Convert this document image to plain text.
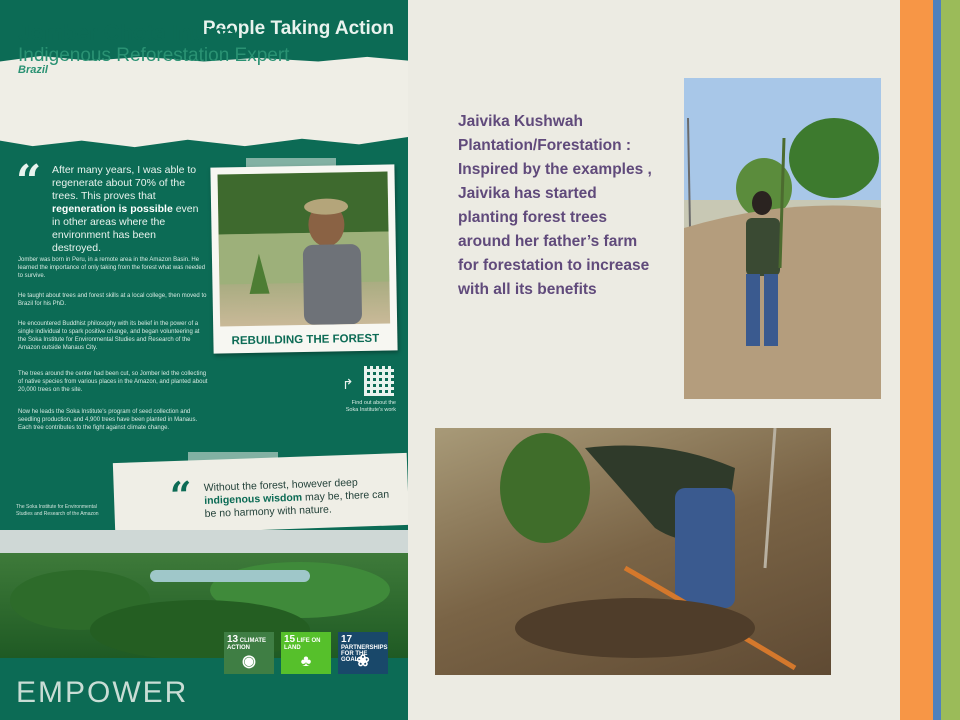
People Taking Action
Jomber Chota Inuma
Indigenous Reforestation Expert
Brazil
“ After many years, I was able to regenerate about 70% of the trees. This proves that regeneration is possible even in other areas where the environment has been destroyed.
Jomber was born in Peru, in a remote area in the Amazon Basin. He learned the importance of only taking from the forest what was needed to survive.
He taught about trees and forest skills at a local college, then moved to Brazil for his PhD.
He encountered Buddhist philosophy with its belief in the power of a single individual to spark positive change, and began volunteering at the Soka Institute for Environmental Studies and Research of the Amazon outside Manaus City.
The trees around the center had been cut, so Jomber led the collecting of native species from various places in the Amazon, and planted about 20,000 trees on the site.
Now he leads the Soka Institute's program of seed collection and seedling production, and 4,900 trees have been planted in Manaus. Each tree contributes to the fight against climate change.
REBUILDING THE FOREST
↱
Find out about the Soka Institute's work
“ Without the forest, however deep indigenous wisdom may be, there can be no harmony with nature.
The Soka Institute for Environmental Studies and Research of the Amazon
13 CLIMATE ACTION
◉
15 LIFE ON LAND
♣
17 PARTNERSHIPS FOR THE GOALS
❀
EMPOWER
Jaivika Kushwah Plantation/Forestation : Inspired by the examples , Jaivika has started planting forest trees around her father’s farm for forestation to increase with all its benefits
